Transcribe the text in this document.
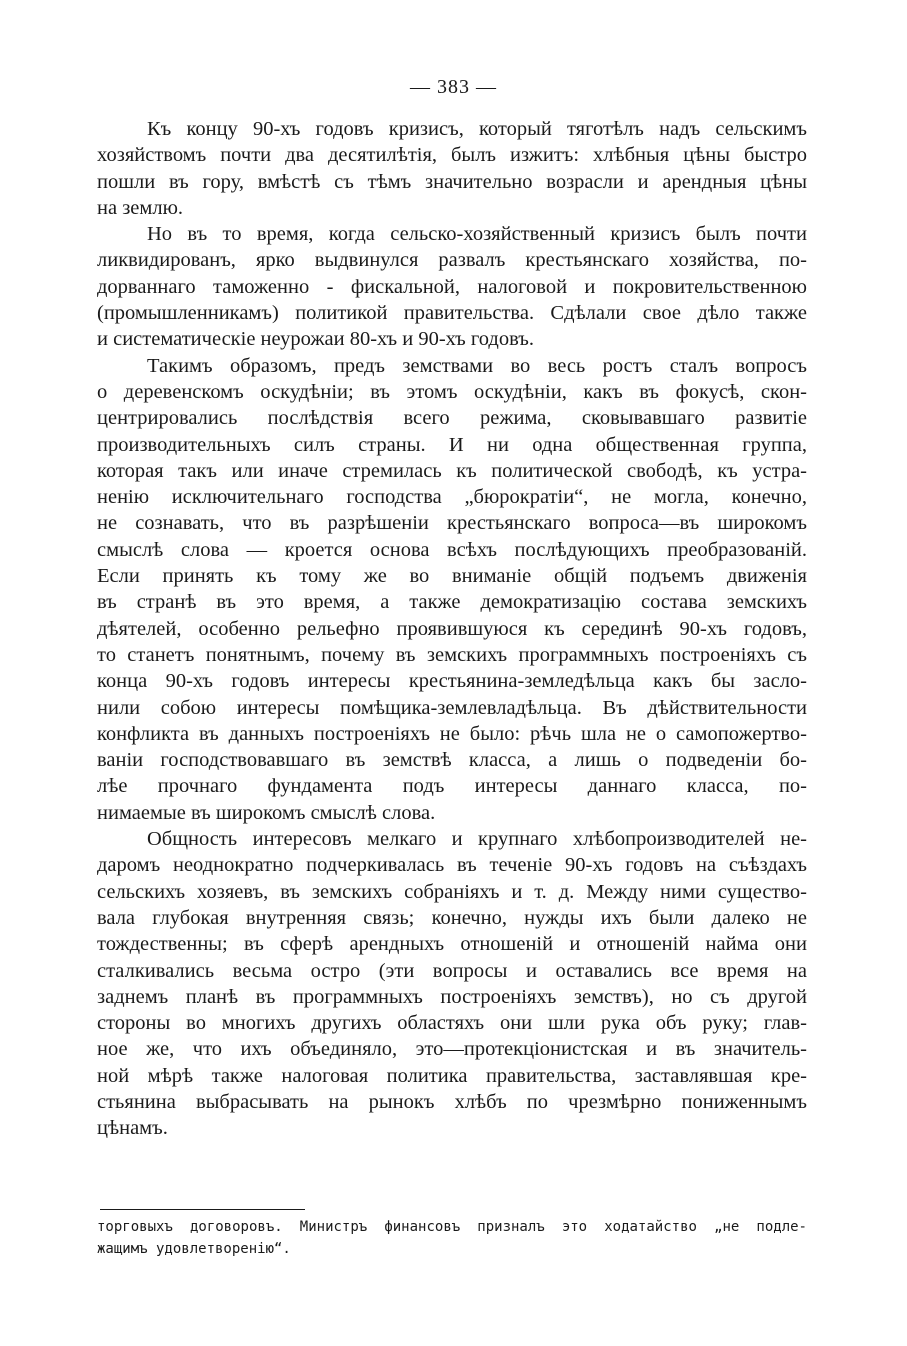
— 383 —
Къ концу 90-хъ годовъ кризисъ, который тяготѣлъ надъ сельскимъ
хозяйствомъ почти два десятилѣтія, былъ изжитъ: хлѣбныя цѣны быстро
пошли въ гору, вмѣстѣ съ тѣмъ значительно возрасли и арендныя цѣны
на землю.
Но въ то время, когда сельско-хозяйственный кризисъ былъ почти
ликвидированъ, ярко выдвинулся развалъ крестьянскаго хозяйства, по-
дорваннаго таможенно - фискальной, налоговой и покровительственною
(промышленникамъ) политикой правительства. Сдѣлали свое дѣло также
и систематическіе неурожаи 80-хъ и 90-хъ годовъ.
Такимъ образомъ, предъ земствами во весь ростъ сталъ вопросъ
о деревенскомъ оскудѣніи; въ этомъ оскудѣніи, какъ въ фокусѣ, скон-
центрировались послѣдствія всего режима, сковывавшаго развитіе
производительныхъ силъ страны. И ни одна общественная группа,
которая такъ или иначе стремилась къ политической свободѣ, къ устра-
ненію исключительнаго господства „бюрократіи“, не могла, конечно,
не сознавать, что въ разрѣшеніи крестьянскаго вопроса—въ широкомъ
смыслѣ слова — кроется основа всѣхъ послѣдующихъ преобразованій.
Если принять къ тому же во вниманіе общій подъемъ движенія
въ странѣ въ это время, а также демократизацію состава земскихъ
дѣятелей, особенно рельефно проявившуюся къ серединѣ 90-хъ годовъ,
то станетъ понятнымъ, почему въ земскихъ программныхъ построеніяхъ съ
конца 90-хъ годовъ интересы крестьянина-земледѣльца какъ бы засло-
нили собою интересы помѣщика-землевладѣльца. Въ дѣйствительности
конфликта въ данныхъ построеніяхъ не было: рѣчь шла не о самопожертво-
ваніи господствовавшаго въ земствѣ класса, а лишь о подведеніи бо-
лѣе прочнаго фундамента подъ интересы даннаго класса, по-
нимаемые въ широкомъ смыслѣ слова.
Общность интересовъ мелкаго и крупнаго хлѣбопроизводителей не-
даромъ неоднократно подчеркивалась въ теченіе 90-хъ годовъ на съѣздахъ
сельскихъ хозяевъ, въ земскихъ собраніяхъ и т. д. Между ними существо-
вала глубокая внутренняя связь; конечно, нужды ихъ были далеко не
тождественны; въ сферѣ арендныхъ отношеній и отношеній найма они
сталкивались весьма остро (эти вопросы и оставались все время на
заднемъ планѣ въ программныхъ построеніяхъ земствъ), но съ другой
стороны во многихъ другихъ областяхъ они шли рука объ руку; глав-
ное же, что ихъ объединяло, это—протекціонистская и въ значитель-
ной мѣрѣ также налоговая политика правительства, заставлявшая кре-
стьянина выбрасывать на рынокъ хлѣбъ по чрезмѣрно пониженнымъ
цѣнамъ.
торговыхъ договоровъ. Министръ финансовъ призналъ это ходатайство „не подле-
жащимъ удовлетворенію“.
